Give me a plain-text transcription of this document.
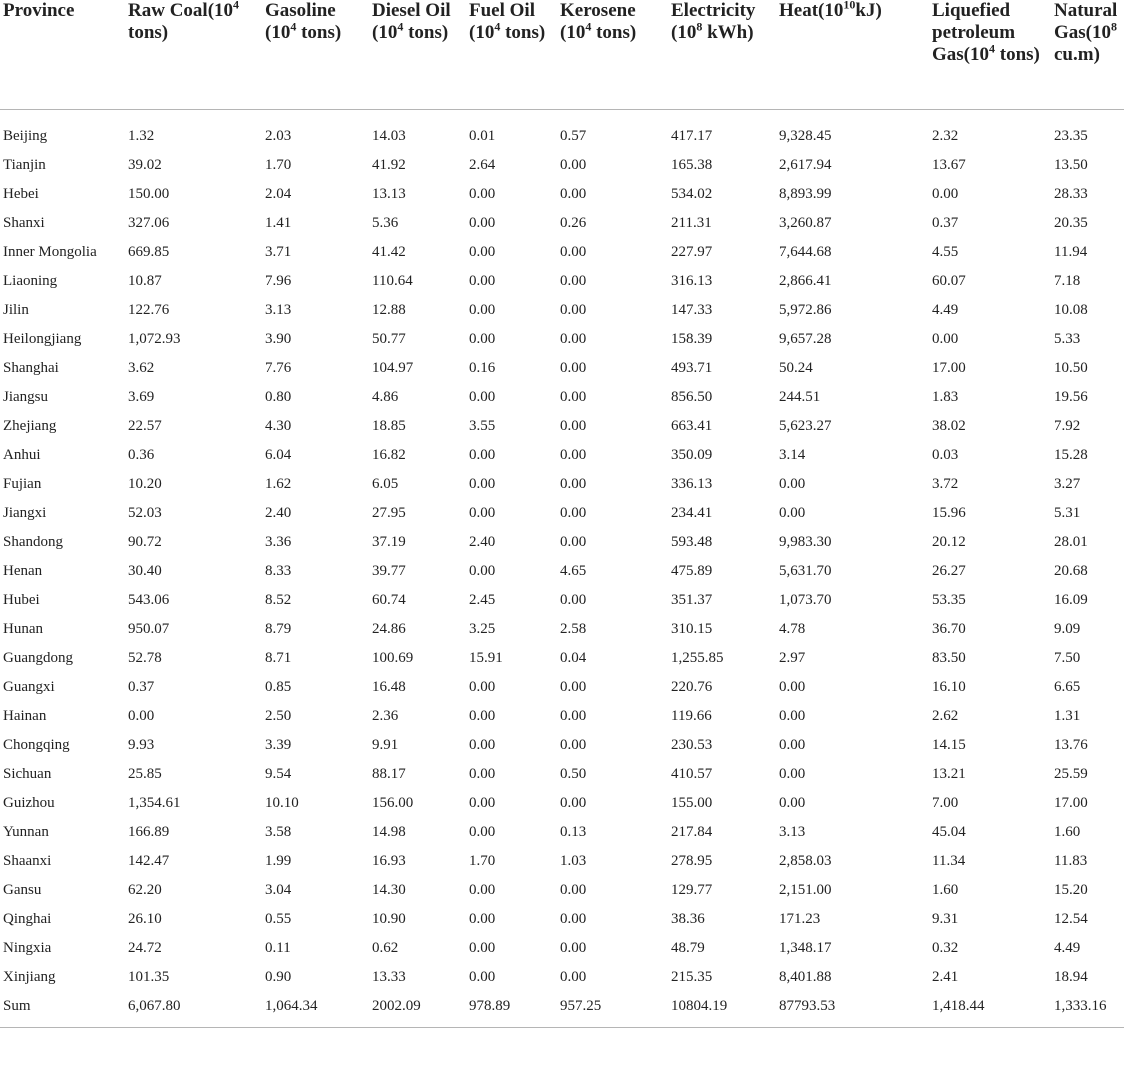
Province	Raw $Coal(10^4$ tons)	Gasoline ($10^4$ tons)	Diesel Oil ($10^4$ tons)	Fuel Oil ($10^4$ tons)	Kerosene ($10^4$ tons)	Electricity ($10^8$ kWh)	$Heat(10^{10}kJ)$	Liquefied petroleum $Gas(10^4$ tons)	Natural $Gas(10^8$ cu.m)
Beijing	1.32	2.03	14.03	0.01	0.57	417.17	9,328.45	2.32	23.35
Tianjin	39.02	1.70	41.92	2.64	0.00	165.38	2,617.94	13.67	13.50
Hebei	150.00	2.04	13.13	0.00	0.00	534.02	8,893.99	0.00	28.33
Shanxi	327.06	1.41	5.36	0.00	0.26	211.31	3,260.87	0.37	20.35
Inner Mongolia	669.85	3.71	41.42	0.00	0.00	227.97	7,644.68	4.55	11.94
Liaoning	10.87	7.96	110.64	0.00	0.00	316.13	2,866.41	60.07	7.18
Jilin	122.76	3.13	12.88	0.00	0.00	147.33	5,972.86	4.49	10.08
Heilongjiang	1,072.93	3.90	50.77	0.00	0.00	158.39	9,657.28	0.00	5.33
Shanghai	3.62	7.76	104.97	0.16	0.00	493.71	50.24	17.00	10.50
Jiangsu	3.69	0.80	4.86	0.00	0.00	856.50	244.51	1.83	19.56
Zhejiang	22.57	4.30	18.85	3.55	0.00	663.41	5,623.27	38.02	7.92
Anhui	0.36	6.04	16.82	0.00	0.00	350.09	3.14	0.03	15.28
Fujian	10.20	1.62	6.05	0.00	0.00	336.13	0.00	3.72	3.27
Jiangxi	52.03	2.40	27.95	0.00	0.00	234.41	0.00	15.96	5.31
Shandong	90.72	3.36	37.19	2.40	0.00	593.48	9,983.30	20.12	28.01
Henan	30.40	8.33	39.77	0.00	4.65	475.89	5,631.70	26.27	20.68
Hubei	543.06	8.52	60.74	2.45	0.00	351.37	1,073.70	53.35	16.09
Hunan	950.07	8.79	24.86	3.25	2.58	310.15	4.78	36.70	9.09
Guangdong	52.78	8.71	100.69	15.91	0.04	1,255.85	2.97	83.50	7.50
Guangxi	0.37	0.85	16.48	0.00	0.00	220.76	0.00	16.10	6.65
Hainan	0.00	2.50	2.36	0.00	0.00	119.66	0.00	2.62	1.31
Chongqing	9.93	3.39	9.91	0.00	0.00	230.53	0.00	14.15	13.76
Sichuan	25.85	9.54	88.17	0.00	0.50	410.57	0.00	13.21	25.59
Guizhou	1,354.61	10.10	156.00	0.00	0.00	155.00	0.00	7.00	17.00
Yunnan	166.89	3.58	14.98	0.00	0.13	217.84	3.13	45.04	1.60
Shaanxi	142.47	1.99	16.93	1.70	1.03	278.95	2,858.03	11.34	11.83
Gansu	62.20	3.04	14.30	0.00	0.00	129.77	2,151.00	1.60	15.20
Qinghai	26.10	0.55	10.90	0.00	0.00	38.36	171.23	9.31	12.54
Ningxia	24.72	0.11	0.62	0.00	0.00	48.79	1,348.17	0.32	4.49
Xinjiang	101.35	0.90	13.33	0.00	0.00	215.35	8,401.88	2.41	18.94
Sum	6,067.80	1,064.34	2002.09	978.89	957.25	10804.19	87793.53	1,418.44	1,333.16
